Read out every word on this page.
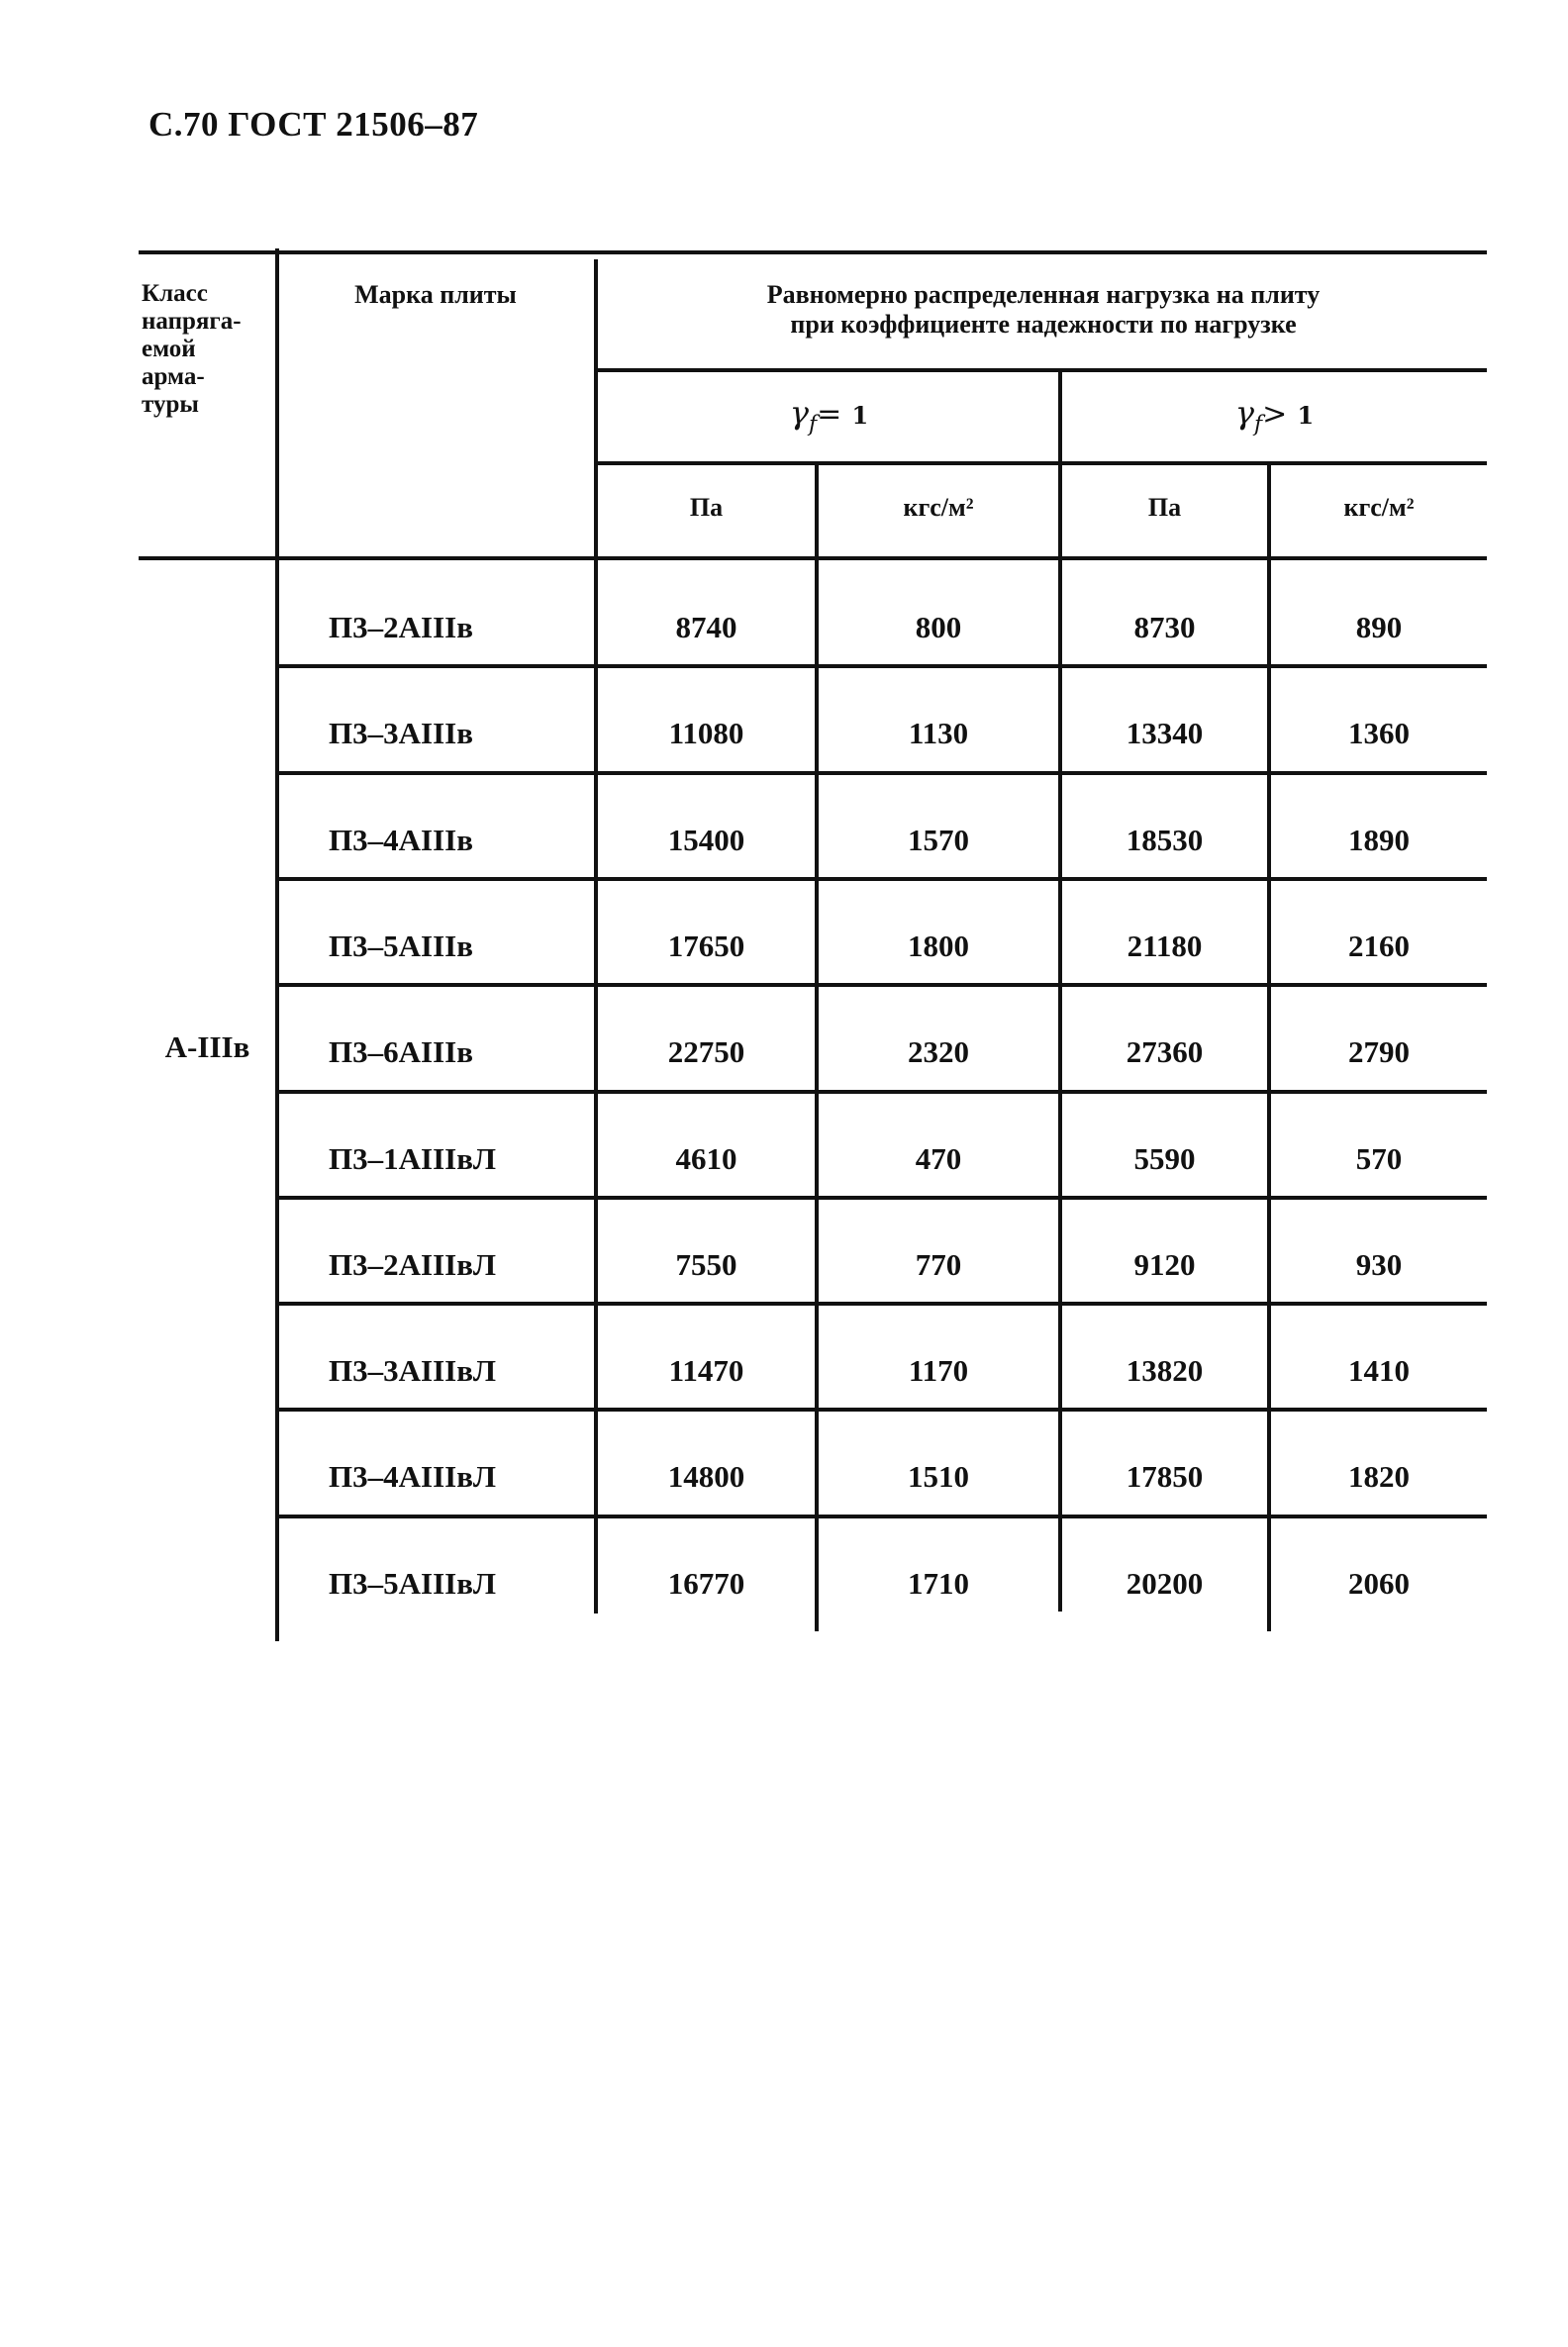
С.70 ГОСТ 21506–87
Класс
напряга-
емой
арма-
туры
Марка плиты	Равномерно распределенная нагрузка на плиту
при коэффициенте надежности по нагрузке
$\gamma_f= 1$	$\gamma_f> 1$
Па	кгс/м²	Па	кгс/м²
А-IIIв
П3–2АIIIв	8740	800	8730	890
П3–3АIIIв	11080	1130	13340	1360
П3–4АIIIв	15400	1570	18530	1890
П3–5АIIIв	17650	1800	21180	2160
П3–6АIIIв	22750	2320	27360	2790
П3–1АIIIвЛ	4610	470	5590	570
П3–2АIIIвЛ	7550	770	9120	930
П3–3АIIIвЛ	11470	1170	13820	1410
П3–4АIIIвЛ	14800	1510	17850	1820
П3–5АIIIвЛ	16770	1710	20200	2060
